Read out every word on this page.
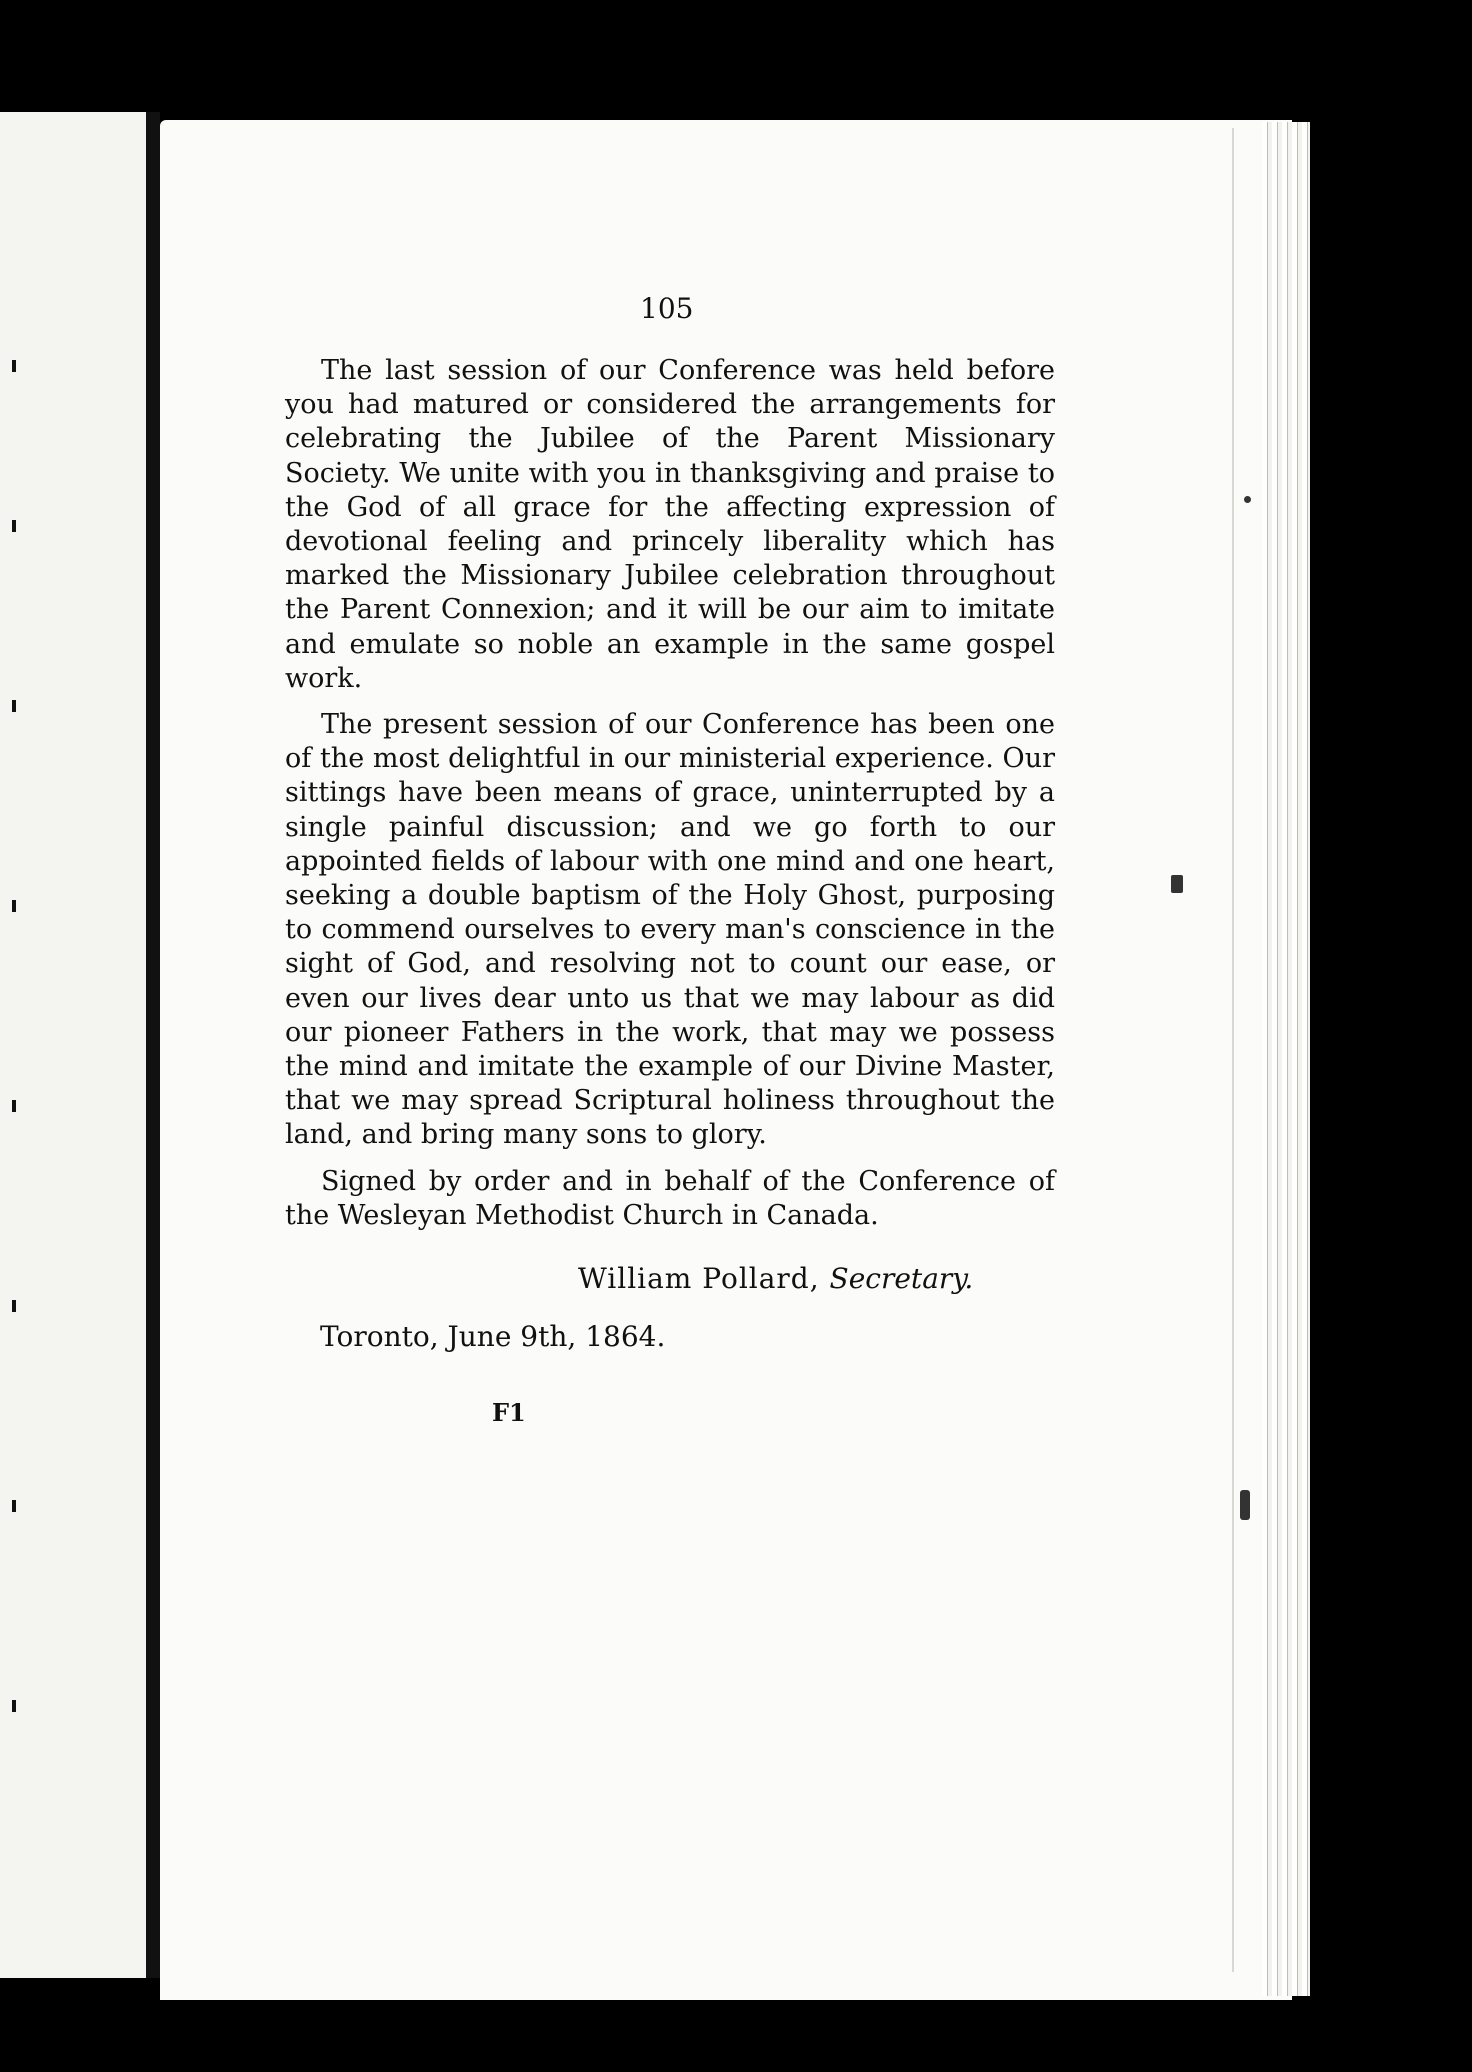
105

The last session of our Conference was held before you had matured or considered the arrangements for celebrating the Jubilee of the Parent Missionary Society. We unite with you in thanksgiving and praise to the God of all grace for the affecting expression of devotional feeling and princely liberality which has marked the Missionary Jubilee celebration throughout the Parent Connexion; and it will be our aim to imitate and emulate so noble an example in the same gospel work.

The present session of our Conference has been one of the most delightful in our ministerial experience. Our sittings have been means of grace, uninterrupted by a single painful discussion; and we go forth to our appointed fields of labour with one mind and one heart, seeking a double baptism of the Holy Ghost, purposing to commend ourselves to every man's conscience in the sight of God, and resolving not to count our ease, or even our lives dear unto us that we may labour as did our pioneer Fathers in the work, that may we possess the mind and imitate the example of our Divine Master, that we may spread Scriptural holiness throughout the land, and bring many sons to glory.

Signed by order and in behalf of the Conference of the Wesleyan Methodist Church in Canada.

William Pollard, Secretary.
Toronto, June 9th, 1864.
F1
